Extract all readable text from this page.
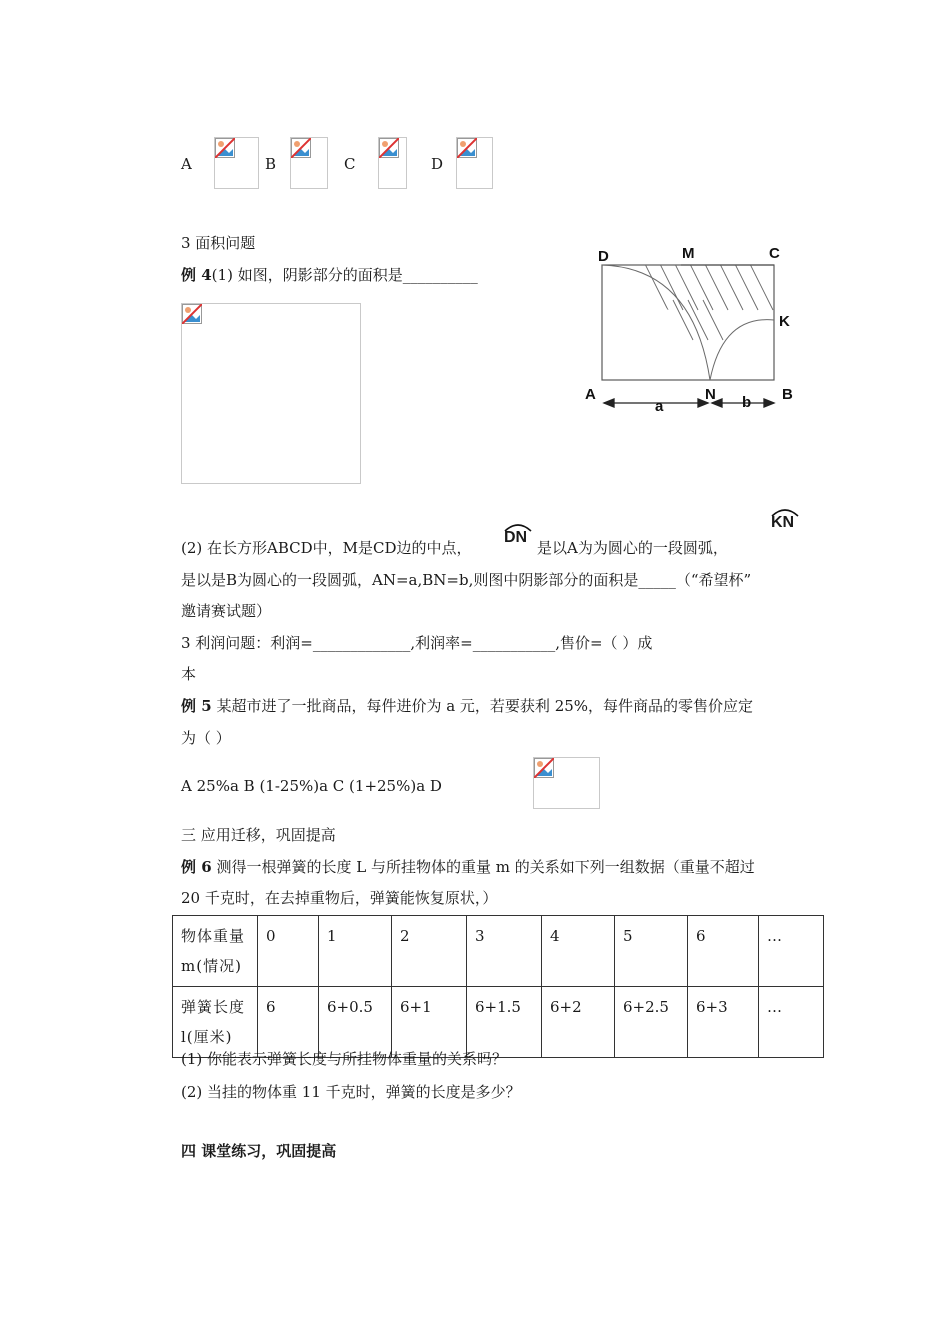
A	B	C	D
3 面积问题
例 4(1) 如图，阴影部分的面积是__________
D	M	C
K
A	N	B
a	b
(2) 在长方形ABCD中，M是CD边的中点，
DN
是以A为为圆心的一段圆弧，
KN
是以是B为圆心的一段圆弧，AN=a,BN=b,则图中阴影部分的面积是_____（“希望杯”
邀请赛试题）
3 利润问题：利润=_____________,利润率=___________,售价=（ ）成
本
例 5 某超市进了一批商品，每件进价为 a 元，若要获利 25%，每件商品的零售价应定
为（ ）
A 25%a B (1-25%)a C (1+25%)a D
三 应用迁移，巩固提高
例 6 测得一根弹簧的长度 L 与所挂物体的重量 m 的关系如下列一组数据（重量不超过
20 千克时，在去掉重物后，弹簧能恢复原状，）
物体重量
m(情况)	0	1	2	3	4	5	6	…
弹簧长度
l(厘米)	6	6+0.5	6+1	6+1.5	6+2	6+2.5	6+3	…
(1) 你能表示弹簧长度与所挂物体重量的关系吗？
(2) 当挂的物体重 11 千克时，弹簧的长度是多少？
四 课堂练习，巩固提高
